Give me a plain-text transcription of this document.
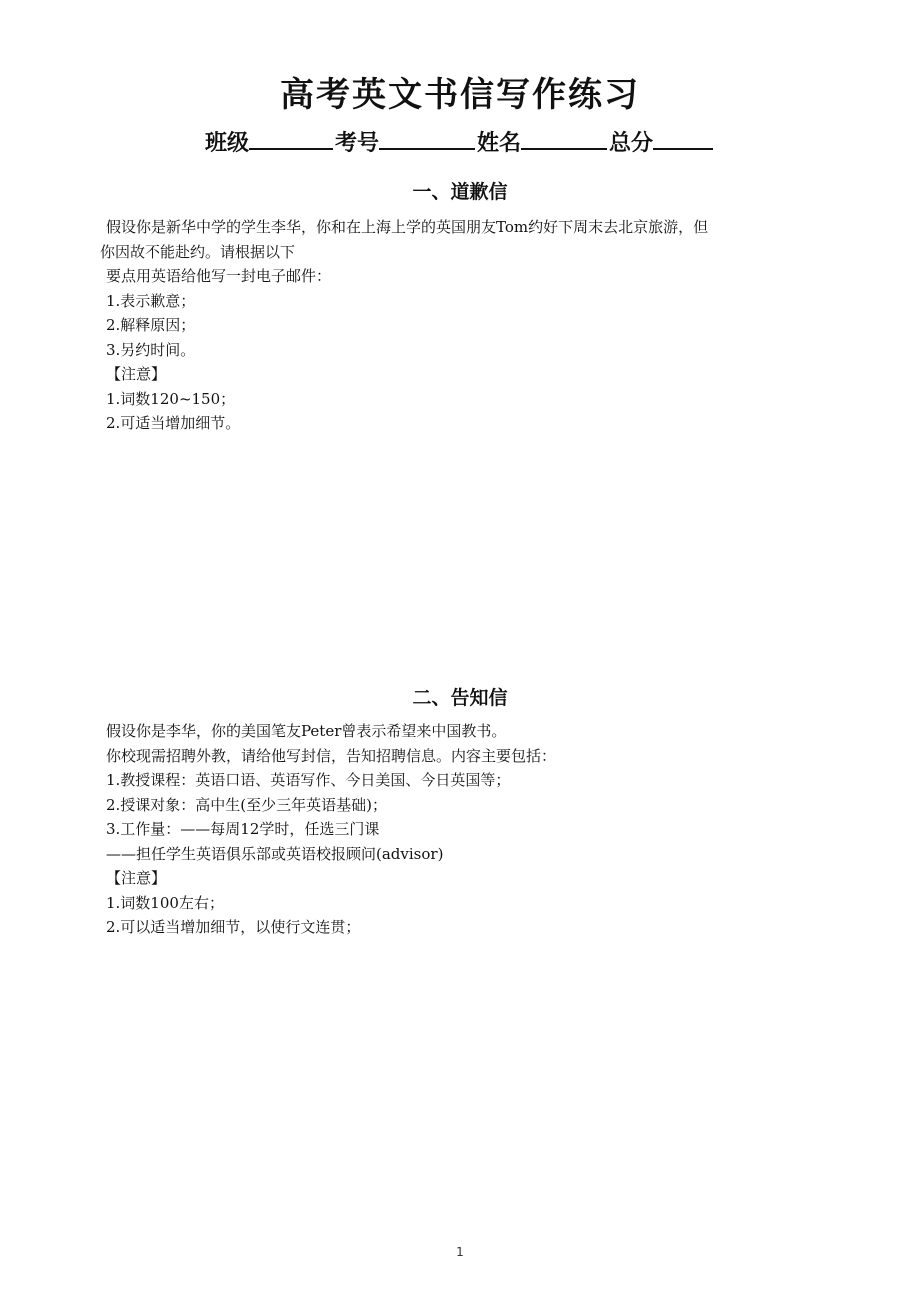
高考英文书信写作练习
班级	考号	姓名	总分
一、道歉信

假设你是新华中学的学生李华，你和在上海上学的英国朋友Tom约好下周末去北京旅游，但

你因故不能赴约。请根据以下

要点用英语给他写一封电子邮件：

1.表示歉意；

2.解释原因；

3.另约时间。

【注意】

1.词数120~150；

2.可适当增加细节。

二、告知信

假设你是李华，你的美国笔友Peter曾表示希望来中国教书。

你校现需招聘外教，请给他写封信，告知招聘信息。内容主要包括：

1.教授课程：英语口语、英语写作、今日美国、今日英国等；

2.授课对象：高中生(至少三年英语基础)；

3.工作量：——每周12学时，任选三门课

——担任学生英语俱乐部或英语校报顾问(advisor)

【注意】

1.词数100左右；

2.可以适当增加细节，以使行文连贯；

1
